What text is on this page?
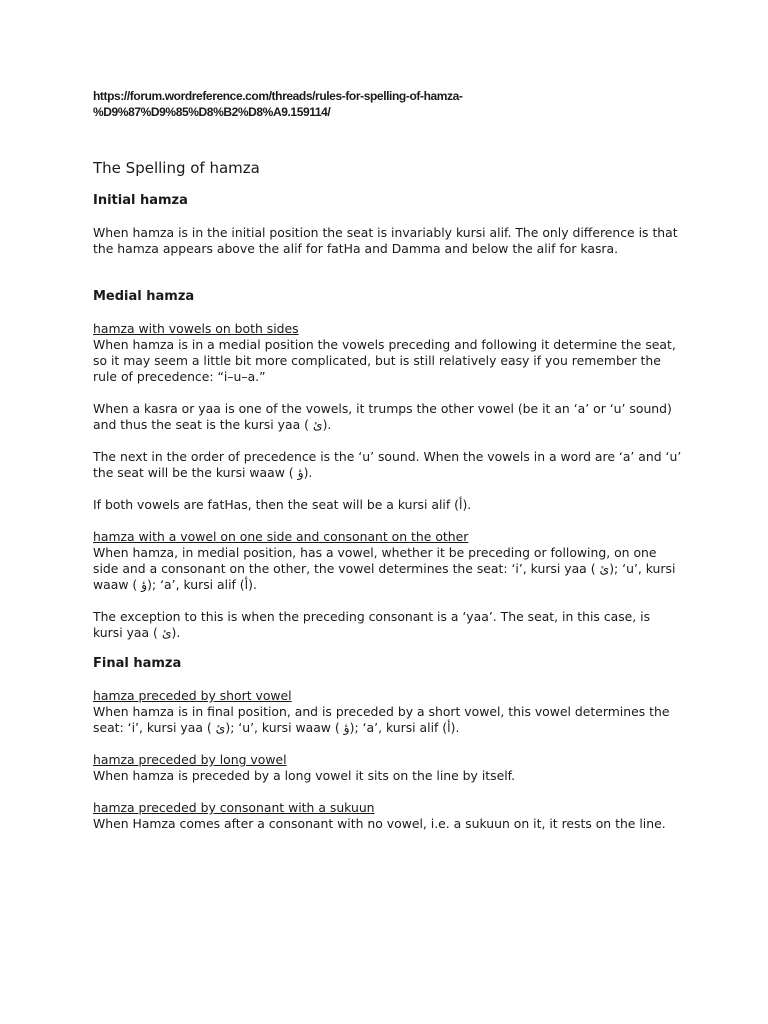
https://forum.wordreference.com/threads/rules-for-spelling-of-hamza-%D9%87%D9%85%D8%B2%D8%A9.159114/

The Spelling of hamza
Initial hamza

When hamza is in the initial position the seat is invariably kursi alif. The only difference is that the hamza appears above the alif for fatHa and Damma and below the alif for kasra.

Medial hamza
hamza with vowels on both sides

When hamza is in a medial position the vowels preceding and following it determine the seat, so it may seem a little bit more complicated, but is still relatively easy if you remember the rule of precedence: “i–u–a.”

When a kasra or yaa is one of the vowels, it trumps the other vowel (be it an ‘a’ or ‘u’ sound) and thus the seat is the kursi yaa ( ئ).

The next in the order of precedence is the ‘u’ sound. When the vowels in a word are ‘a’ and ‘u’ the seat will be the kursi waaw ( ؤ).

If both vowels are fatHas, then the seat will be a kursi alif (أ).

hamza with a vowel on one side and consonant on the other

When hamza, in medial position, has a vowel, whether it be preceding or following, on one side and a consonant on the other, the vowel determines the seat: ‘i’, kursi yaa ( ئ); ‘u’, kursi waaw ( ؤ); ‘a’, kursi alif (أ).

The exception to this is when the preceding consonant is a ‘yaa’. The seat, in this case, is kursi yaa ( ئ).

Final hamza
hamza preceded by short vowel

When hamza is in final position, and is preceded by a short vowel, this vowel determines the seat: ‘i’, kursi yaa ( ئ); ‘u’, kursi waaw ( ؤ); ‘a’, kursi alif (أ).

hamza preceded by long vowel

When hamza is preceded by a long vowel it sits on the line by itself.

hamza preceded by consonant with a sukuun

When Hamza comes after a consonant with no vowel, i.e. a sukuun on it, it rests on the line.
